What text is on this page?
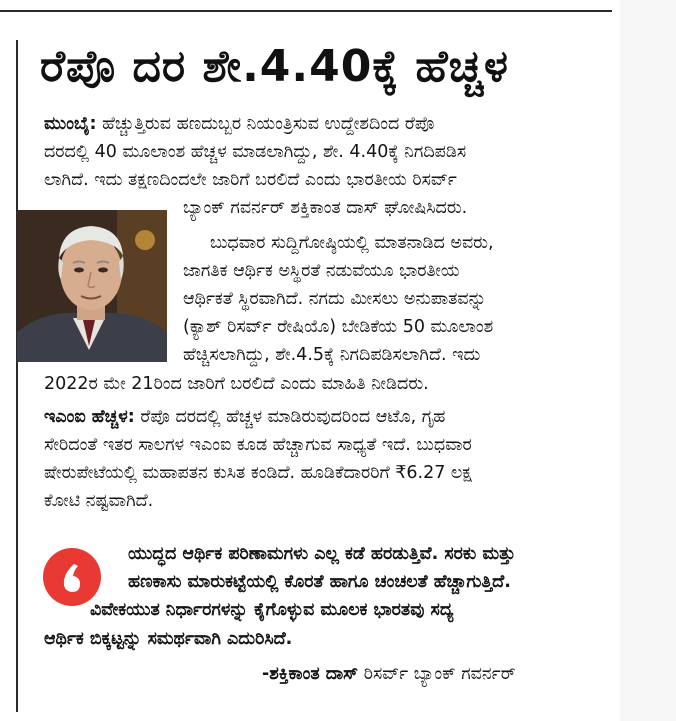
ರೆಪೊ ದರ ಶೇ.4.40ಕ್ಕೆ ಹೆಚ್ಚಳ
ಮುಂಬೈ: ಹೆಚ್ಚುತ್ತಿರುವ ಹಣದುಬ್ಬರ ನಿಯಂತ್ರಿಸುವ ಉದ್ದೇಶದಿಂದ ರೆಪೊ
ದರದಲ್ಲಿ 40 ಮೂಲಾಂಶ ಹೆಚ್ಚಳ ಮಾಡಲಾಗಿದ್ದು, ಶೇ. 4.40ಕ್ಕೆ ನಿಗದಿಪಡಿಸ
ಲಾಗಿದೆ. ಇದು ತಕ್ಷಣದಿಂದಲೇ ಜಾರಿಗೆ ಬರಲಿದೆ ಎಂದು ಭಾರತೀಯ ರಿಸರ್ವ್
ಬ್ಯಾಂಕ್ ಗವರ್ನರ್ ಶಕ್ತಿಕಾಂತ ದಾಸ್ ಘೋಷಿಸಿದರು.
ಬುಧವಾರ ಸುದ್ದಿಗೋಷ್ಠಿಯಲ್ಲಿ ಮಾತನಾಡಿದ ಅವರು,
ಜಾಗತಿಕ ಆರ್ಥಿಕ ಅಸ್ಥಿರತೆ ನಡುವೆಯೂ ಭಾರತೀಯ
ಆರ್ಥಿಕತೆ ಸ್ಥಿರವಾಗಿದೆ. ನಗದು ಮೀಸಲು ಅನುಪಾತವನ್ನು
(ಕ್ಯಾಶ್ ರಿಸರ್ವ್ ರೇಷಿಯೊ) ಬೇಡಿಕೆಯ 50 ಮೂಲಾಂಶ
ಹೆಚ್ಚಿಸಲಾಗಿದ್ದು, ಶೇ.4.5ಕ್ಕೆ ನಿಗದಿಪಡಿಸಲಾಗಿದೆ. ಇದು
2022ರ ಮೇ 21ರಿಂದ ಜಾರಿಗೆ ಬರಲಿದೆ ಎಂದು ಮಾಹಿತಿ ನೀಡಿದರು.
ಇಎಂಐ ಹೆಚ್ಚಳ: ರೆಪೊ ದರದಲ್ಲಿ ಹೆಚ್ಚಳ ಮಾಡಿರುವುದರಿಂದ ಆಟೊ, ಗೃಹ
ಸೇರಿದಂತೆ ಇತರ ಸಾಲಗಳ ಇಎಂಐ ಕೂಡ ಹೆಚ್ಚಾಗುವ ಸಾಧ್ಯತೆ ಇದೆ. ಬುಧವಾರ
ಷೇರುಪೇಟೆಯಲ್ಲಿ ಮಹಾಪತನ ಕುಸಿತ ಕಂಡಿದೆ. ಹೂಡಿಕೆದಾರರಿಗೆ ₹6.27 ಲಕ್ಷ
ಕೋಟಿ ನಷ್ಟವಾಗಿದೆ.
ಯುದ್ಧದ ಆರ್ಥಿಕ ಪರಿಣಾಮಗಳು ಎಲ್ಲ ಕಡೆ ಹರಡುತ್ತಿವೆ. ಸರಕು ಮತ್ತು
ಹಣಕಾಸು ಮಾರುಕಟ್ಟೆಯಲ್ಲಿ ಕೊರತೆ ಹಾಗೂ ಚಂಚಲತೆ ಹೆಚ್ಚಾಗುತ್ತಿದೆ.
ವಿವೇಕಯುತ ನಿರ್ಧಾರಗಳನ್ನು ಕೈಗೊಳ್ಳುವ ಮೂಲಕ ಭಾರತವು ಸದ್ಯ
ಆರ್ಥಿಕ ಬಿಕ್ಕಟ್ಟನ್ನು ಸಮರ್ಥವಾಗಿ ಎದುರಿಸಿದೆ.
-ಶಕ್ತಿಕಾಂತ ದಾಸ್ ರಿಸರ್ವ್ ಬ್ಯಾಂಕ್ ಗವರ್ನರ್
